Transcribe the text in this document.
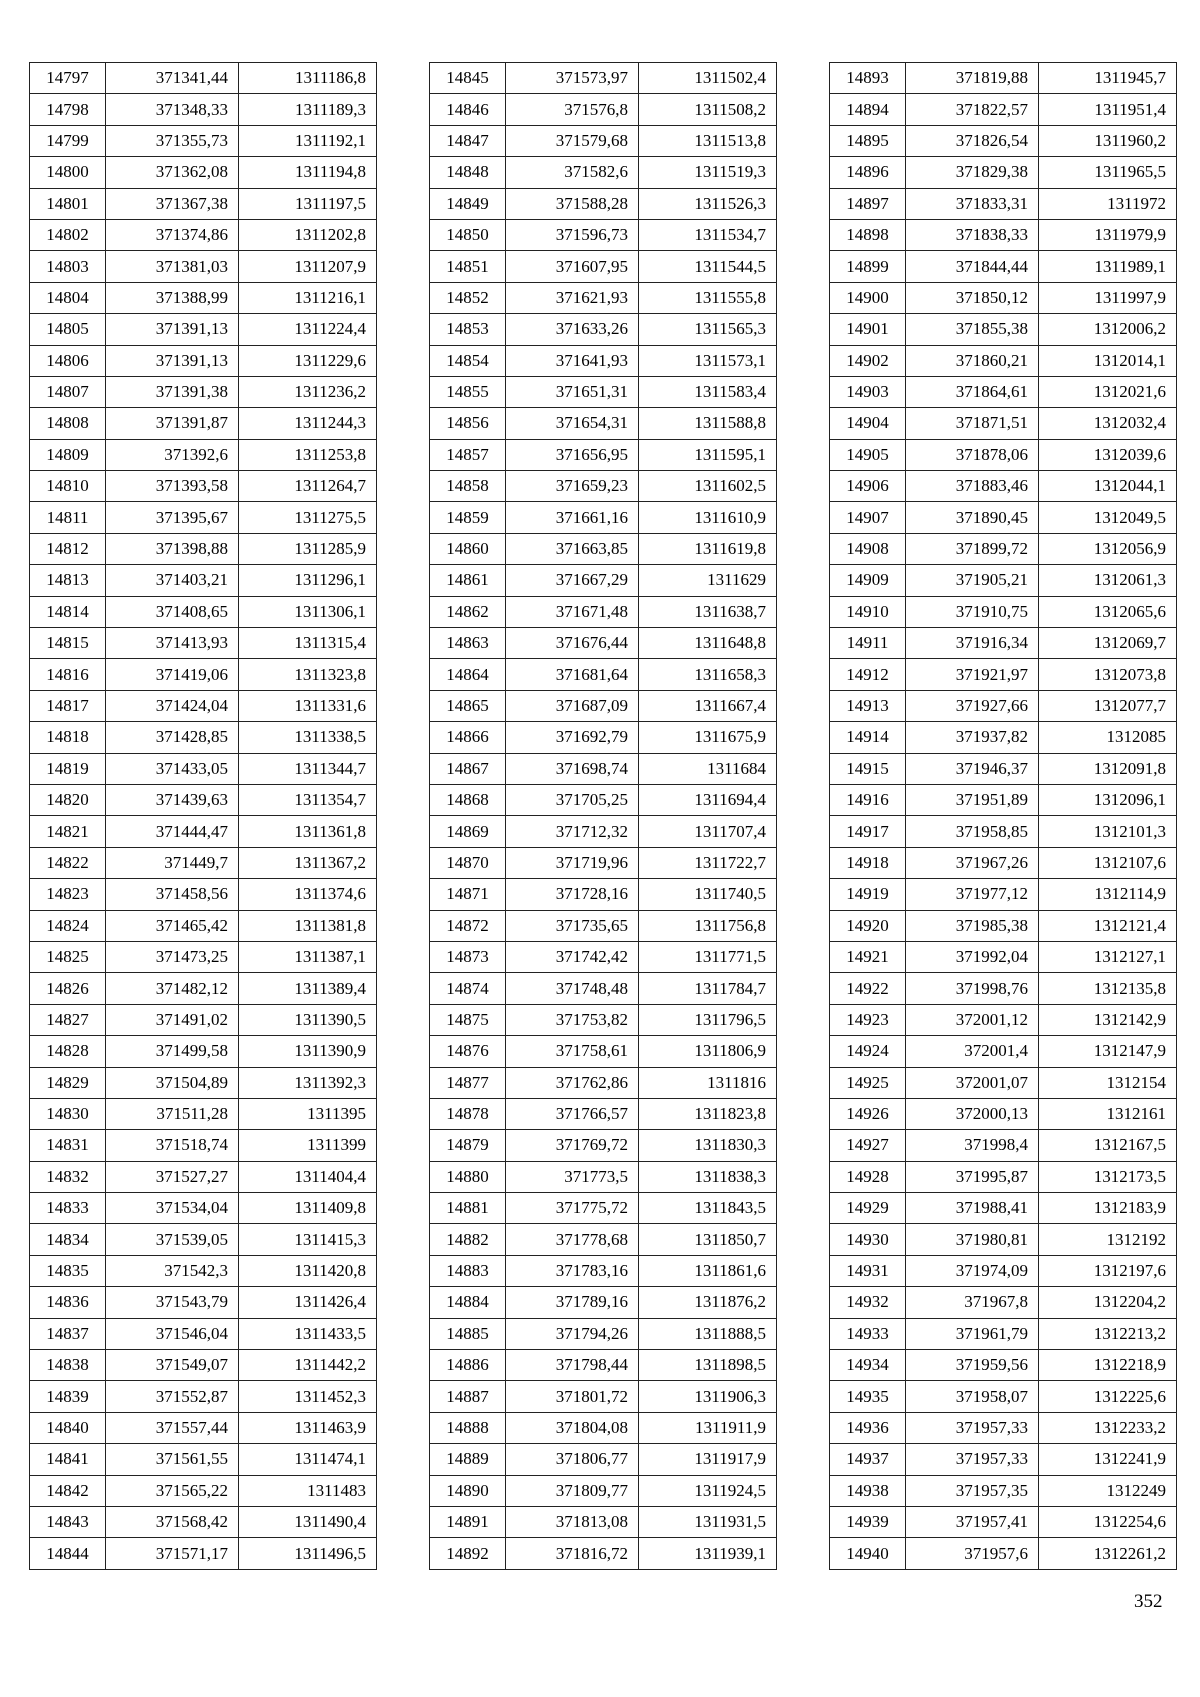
14797	371341,44	1311186,8
14798	371348,33	1311189,3
14799	371355,73	1311192,1
14800	371362,08	1311194,8
14801	371367,38	1311197,5
14802	371374,86	1311202,8
14803	371381,03	1311207,9
14804	371388,99	1311216,1
14805	371391,13	1311224,4
14806	371391,13	1311229,6
14807	371391,38	1311236,2
14808	371391,87	1311244,3
14809	371392,6	1311253,8
14810	371393,58	1311264,7
14811	371395,67	1311275,5
14812	371398,88	1311285,9
14813	371403,21	1311296,1
14814	371408,65	1311306,1
14815	371413,93	1311315,4
14816	371419,06	1311323,8
14817	371424,04	1311331,6
14818	371428,85	1311338,5
14819	371433,05	1311344,7
14820	371439,63	1311354,7
14821	371444,47	1311361,8
14822	371449,7	1311367,2
14823	371458,56	1311374,6
14824	371465,42	1311381,8
14825	371473,25	1311387,1
14826	371482,12	1311389,4
14827	371491,02	1311390,5
14828	371499,58	1311390,9
14829	371504,89	1311392,3
14830	371511,28	1311395
14831	371518,74	1311399
14832	371527,27	1311404,4
14833	371534,04	1311409,8
14834	371539,05	1311415,3
14835	371542,3	1311420,8
14836	371543,79	1311426,4
14837	371546,04	1311433,5
14838	371549,07	1311442,2
14839	371552,87	1311452,3
14840	371557,44	1311463,9
14841	371561,55	1311474,1
14842	371565,22	1311483
14843	371568,42	1311490,4
14844	371571,17	1311496,5
14845	371573,97	1311502,4
14846	371576,8	1311508,2
14847	371579,68	1311513,8
14848	371582,6	1311519,3
14849	371588,28	1311526,3
14850	371596,73	1311534,7
14851	371607,95	1311544,5
14852	371621,93	1311555,8
14853	371633,26	1311565,3
14854	371641,93	1311573,1
14855	371651,31	1311583,4
14856	371654,31	1311588,8
14857	371656,95	1311595,1
14858	371659,23	1311602,5
14859	371661,16	1311610,9
14860	371663,85	1311619,8
14861	371667,29	1311629
14862	371671,48	1311638,7
14863	371676,44	1311648,8
14864	371681,64	1311658,3
14865	371687,09	1311667,4
14866	371692,79	1311675,9
14867	371698,74	1311684
14868	371705,25	1311694,4
14869	371712,32	1311707,4
14870	371719,96	1311722,7
14871	371728,16	1311740,5
14872	371735,65	1311756,8
14873	371742,42	1311771,5
14874	371748,48	1311784,7
14875	371753,82	1311796,5
14876	371758,61	1311806,9
14877	371762,86	1311816
14878	371766,57	1311823,8
14879	371769,72	1311830,3
14880	371773,5	1311838,3
14881	371775,72	1311843,5
14882	371778,68	1311850,7
14883	371783,16	1311861,6
14884	371789,16	1311876,2
14885	371794,26	1311888,5
14886	371798,44	1311898,5
14887	371801,72	1311906,3
14888	371804,08	1311911,9
14889	371806,77	1311917,9
14890	371809,77	1311924,5
14891	371813,08	1311931,5
14892	371816,72	1311939,1
14893	371819,88	1311945,7
14894	371822,57	1311951,4
14895	371826,54	1311960,2
14896	371829,38	1311965,5
14897	371833,31	1311972
14898	371838,33	1311979,9
14899	371844,44	1311989,1
14900	371850,12	1311997,9
14901	371855,38	1312006,2
14902	371860,21	1312014,1
14903	371864,61	1312021,6
14904	371871,51	1312032,4
14905	371878,06	1312039,6
14906	371883,46	1312044,1
14907	371890,45	1312049,5
14908	371899,72	1312056,9
14909	371905,21	1312061,3
14910	371910,75	1312065,6
14911	371916,34	1312069,7
14912	371921,97	1312073,8
14913	371927,66	1312077,7
14914	371937,82	1312085
14915	371946,37	1312091,8
14916	371951,89	1312096,1
14917	371958,85	1312101,3
14918	371967,26	1312107,6
14919	371977,12	1312114,9
14920	371985,38	1312121,4
14921	371992,04	1312127,1
14922	371998,76	1312135,8
14923	372001,12	1312142,9
14924	372001,4	1312147,9
14925	372001,07	1312154
14926	372000,13	1312161
14927	371998,4	1312167,5
14928	371995,87	1312173,5
14929	371988,41	1312183,9
14930	371980,81	1312192
14931	371974,09	1312197,6
14932	371967,8	1312204,2
14933	371961,79	1312213,2
14934	371959,56	1312218,9
14935	371958,07	1312225,6
14936	371957,33	1312233,2
14937	371957,33	1312241,9
14938	371957,35	1312249
14939	371957,41	1312254,6
14940	371957,6	1312261,2
352
